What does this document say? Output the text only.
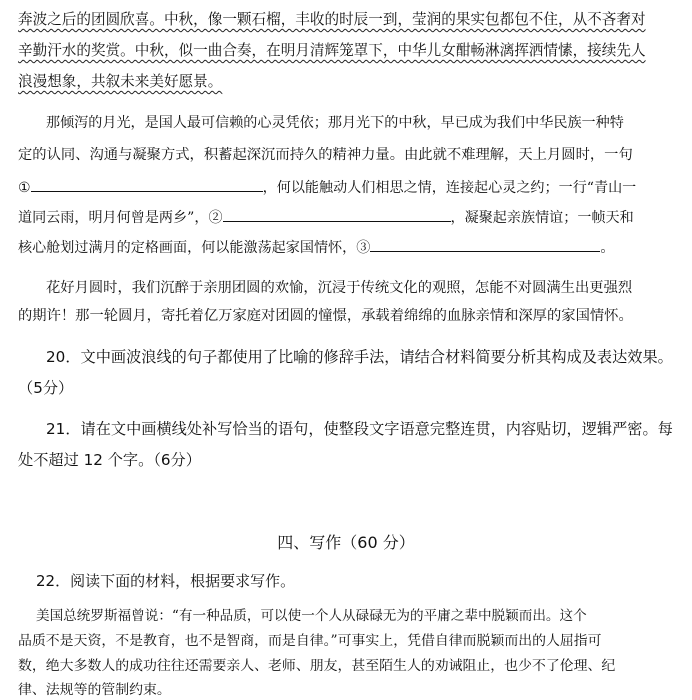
奔波之后的团圆欣喜。中秋，像一颗石榴，丰收的时辰一到，莹润的果实包都包不住，从不吝奢对
辛勤汗水的奖赏。中秋，似一曲合奏，在明月清辉笼罩下，中华儿女酣畅淋漓挥洒情愫，接续先人
浪漫想象，共叙未来美好愿景。
那倾泻的月光，是国人最可信赖的心灵凭依；那月光下的中秋，早已成为我们中华民族一种特
定的认同、沟通与凝聚方式，积蓄起深沉而持久的精神力量。由此就不难理解，天上月圆时，一句
①	，何以能触动人们相思之情，连接起心灵之约；一行“青山一
道同云雨，明月何曾是两乡”，②	，凝聚起亲族情谊；一帧天和
核心舱划过满月的定格画面，何以能激荡起家国情怀，③	。
花好月圆时，我们沉醉于亲朋团圆的欢愉，沉浸于传统文化的观照，怎能不对圆满生出更强烈
的期许！那一轮圆月，寄托着亿万家庭对团圆的憧憬，承载着绵绵的血脉亲情和深厚的家国情怀。
20．文中画波浪线的句子都使用了比喻的修辞手法，请结合材料简要分析其构成及表达效果。
（5分）
21．请在文中画横线处补写恰当的语句，使整段文字语意完整连贯，内容贴切，逻辑严密。每
处不超过 12 个字。（6分）
四、写作（60 分）
22．阅读下面的材料，根据要求写作。
美国总统罗斯福曾说：“有一种品质，可以使一个人从碌碌无为的平庸之辈中脱颖而出。这个
品质不是天资，不是教育，也不是智商，而是自律。”可事实上，凭借自律而脱颖而出的人屈指可
数，绝大多数人的成功往往还需要亲人、老师、朋友，甚至陌生人的劝诫阻止，也少不了伦理、纪
律、法规等的管制约束。
